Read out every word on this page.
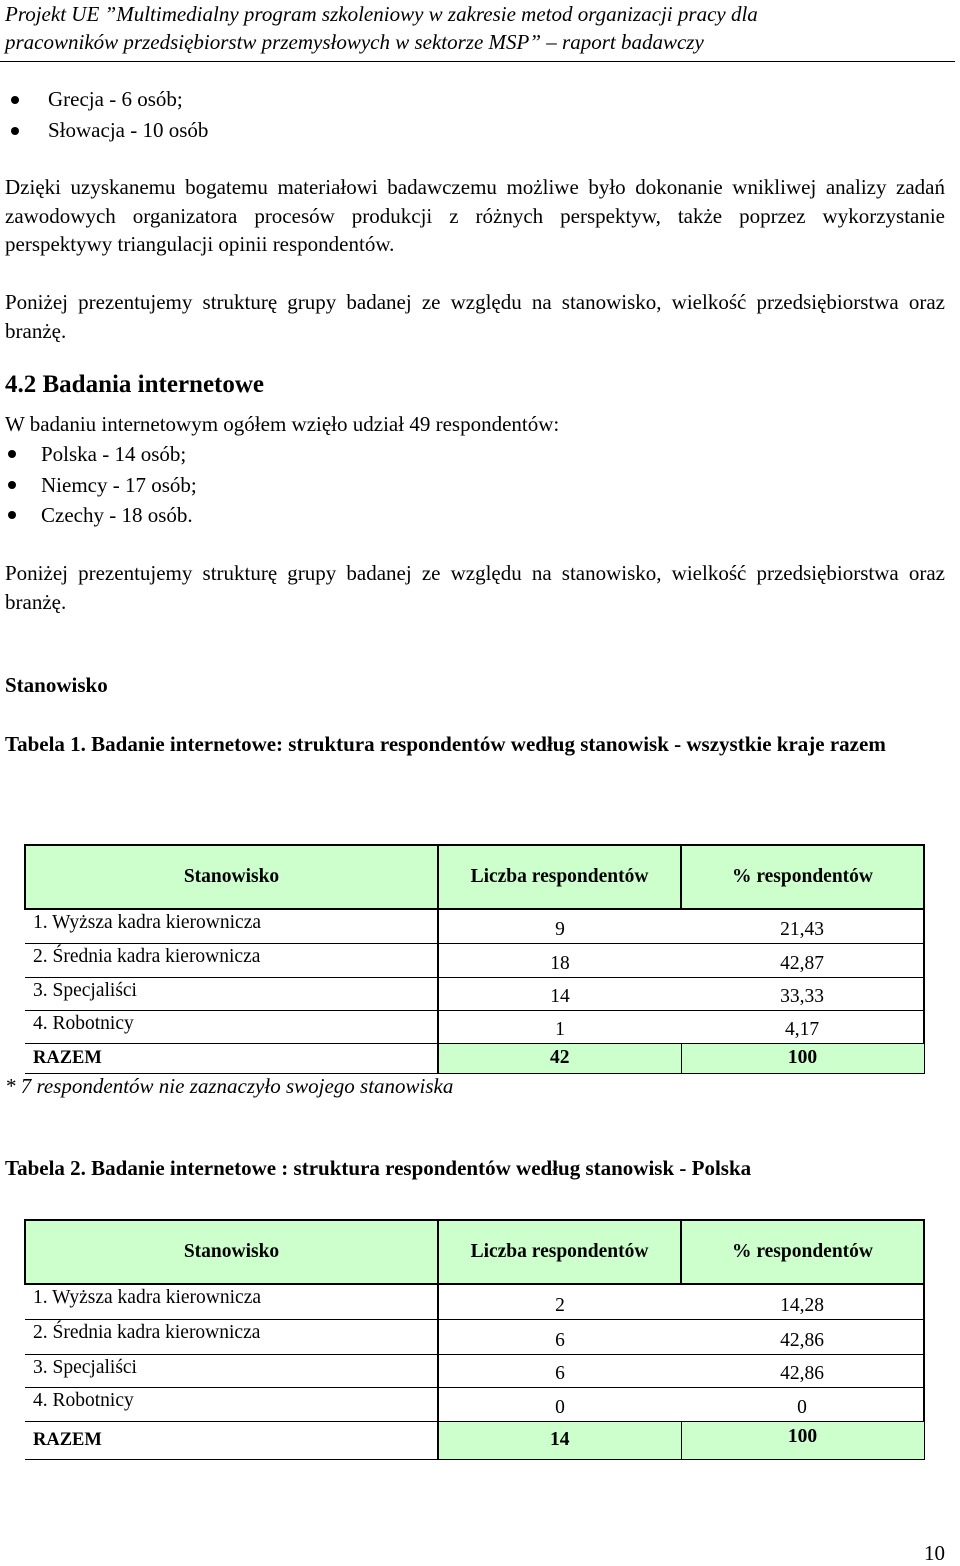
Projekt UE ”Multimedialny program szkoleniowy w zakresie metod organizacji pracy dla
pracowników przedsiębiorstw przemysłowych w sektorze MSP” – raport badawczy
Grecja - 6 osób;
Słowacja - 10 osób
Dzięki uzyskanemu bogatemu materiałowi badawczemu możliwe było dokonanie wnikliwej analizy zadań zawodowych organizatora procesów produkcji z różnych perspektyw, także poprzez wykorzystanie perspektywy triangulacji opinii respondentów.
Poniżej prezentujemy strukturę grupy badanej ze względu na stanowisko, wielkość przedsiębiorstwa oraz branżę.
4.2 Badania internetowe
W badaniu internetowym ogółem wzięło udział 49 respondentów:
Polska - 14 osób;
Niemcy - 17 osób;
Czechy - 18 osób.
Poniżej prezentujemy strukturę grupy badanej ze względu na stanowisko, wielkość przedsiębiorstwa oraz branżę.
Stanowisko
Tabela 1. Badanie internetowe: struktura respondentów według stanowisk - wszystkie kraje razem
Stanowisko	Liczba respondentów	% respondentów
1. Wyższa kadra kierownicza	9	21,43
2. Średnia kadra kierownicza	18	42,87
3. Specjaliści	14	33,33
4. Robotnicy	1	4,17
RAZEM	42	100
* 7 respondentów nie zaznaczyło swojego stanowiska
Tabela 2. Badanie internetowe : struktura respondentów według stanowisk - Polska
Stanowisko	Liczba respondentów	% respondentów
1. Wyższa kadra kierownicza	2	14,28
2. Średnia kadra kierownicza	6	42,86
3. Specjaliści	6	42,86
4. Robotnicy	0	0
RAZEM	14	100
10
